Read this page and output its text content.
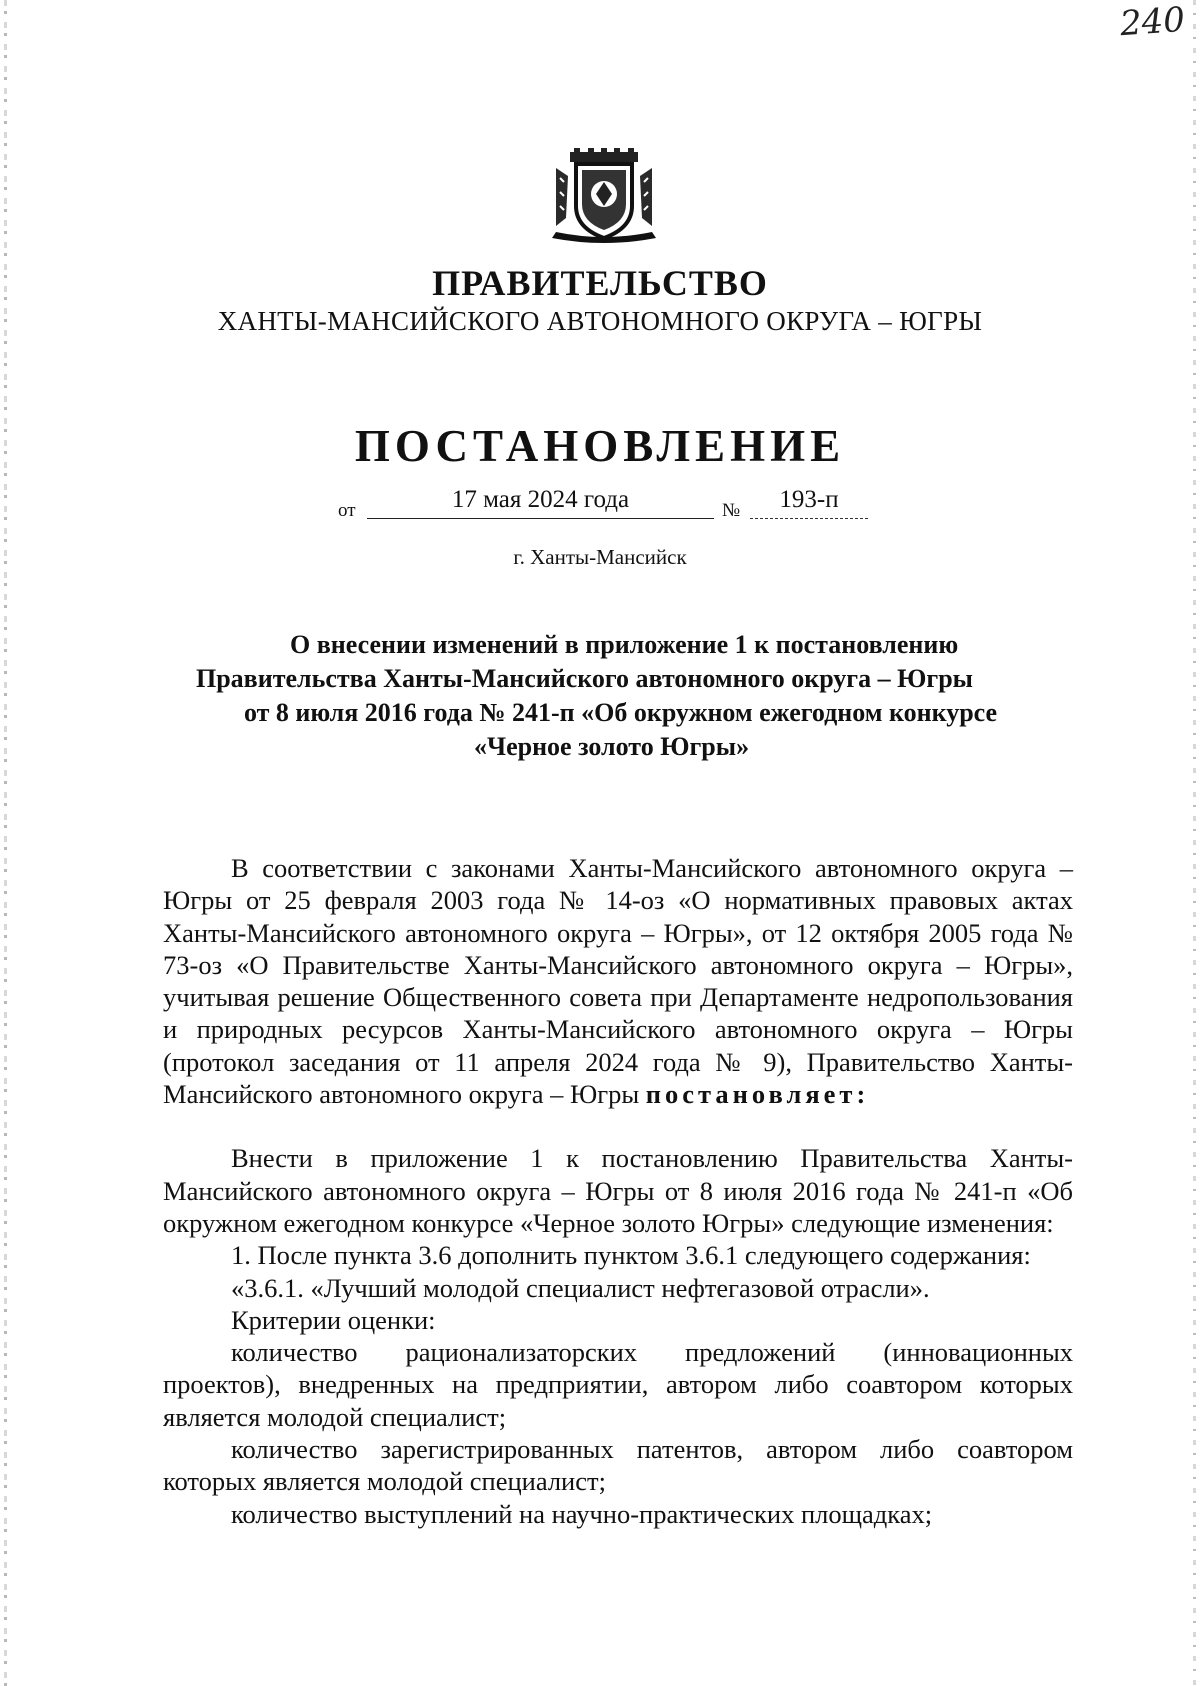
240
ПРАВИТЕЛЬСТВО
ХАНТЫ-МАНСИЙСКОГО АВТОНОМНОГО ОКРУГА – ЮГРЫ
ПОСТАНОВЛЕНИЕ
от	17 мая 2024 года	№	193-п
г. Ханты-Мансийск
О внесении изменений в приложение 1 к постановлению
Правительства Ханты-Мансийского автономного округа – Югры
от 8 июля 2016 года № 241-п «Об окружном ежегодном конкурсе
«Черное золото Югры»

В соответствии с законами Ханты-Мансийского автономного округа – Югры от 25 февраля 2003 года № 14-оз «О нормативных правовых актах Ханты-Мансийского автономного округа – Югры», от 12 октября 2005 года № 73-оз «О Правительстве Ханты-Мансийского автономного округа – Югры», учитывая решение Общественного совета при Департаменте недропользования и природных ресурсов Ханты-Мансийского автономного округа – Югры (протокол заседания от 11 апреля 2024 года № 9), Правительство Ханты-Мансийского автономного округа – Югры постановляет:

Внести в приложение 1 к постановлению Правительства Ханты-Мансийского автономного округа – Югры от 8 июля 2016 года № 241-п «Об окружном ежегодном конкурсе «Черное золото Югры» следующие изменения:

1. После пункта 3.6 дополнить пунктом 3.6.1 следующего содержания:

«3.6.1. «Лучший молодой специалист нефтегазовой отрасли».

Критерии оценки:

количество рационализаторских предложений (инновационных проектов), внедренных на предприятии, автором либо соавтором которых является молодой специалист;

количество зарегистрированных патентов, автором либо соавтором которых является молодой специалист;

количество выступлений на научно-практических площадках;
